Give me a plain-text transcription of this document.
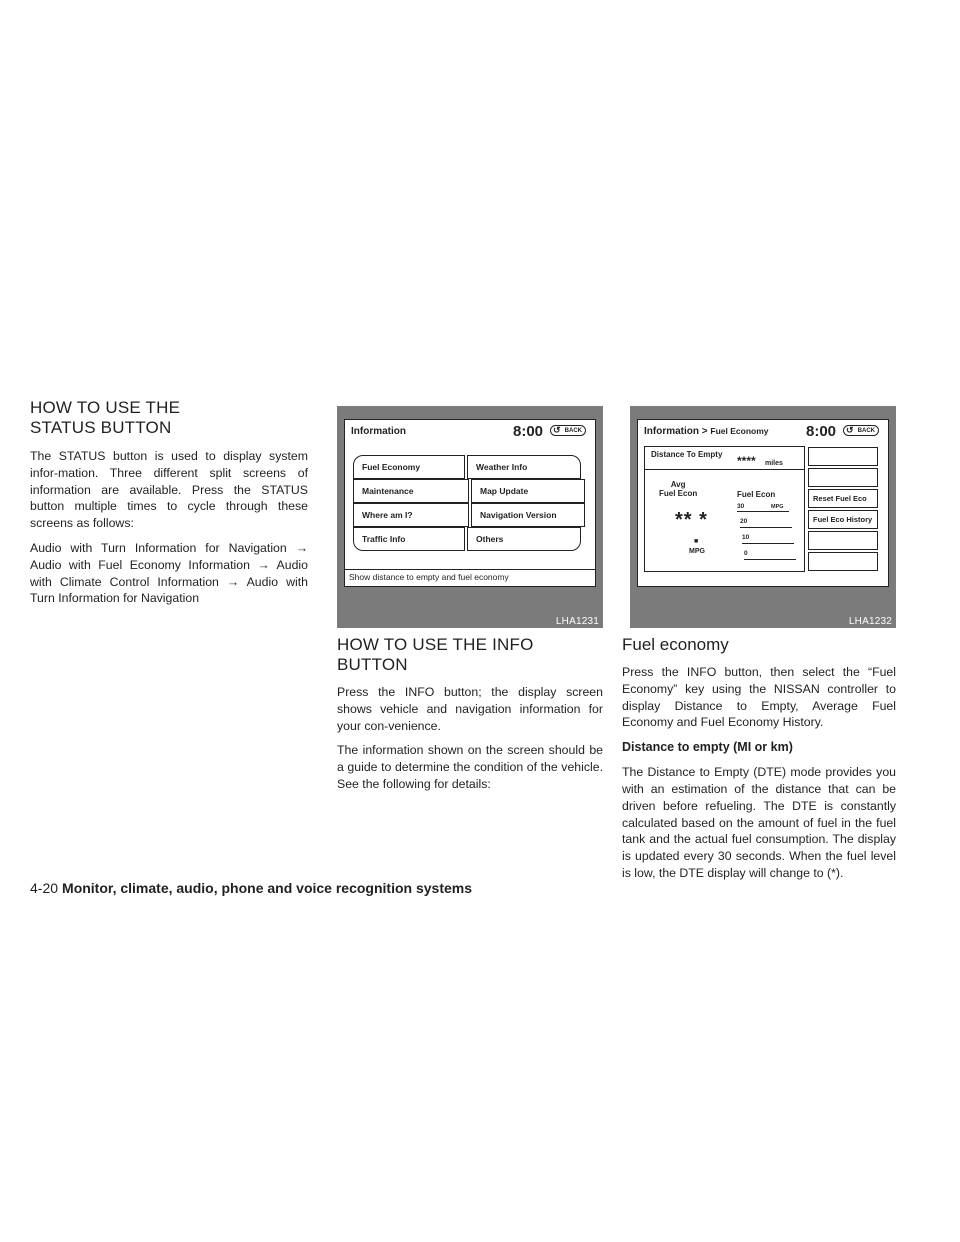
HOW TO USE THE STATUS BUTTON

The STATUS button is used to display system infor-mation. Three different split screens of information are available. Press the STATUS button multiple times to cycle through these screens as follows:

Audio with Turn Information for Navigation → Audio with Fuel Economy Information → Audio with Climate Control Information → Audio with Turn Information for Navigation

Information	8:00 ↺ BACK
Fuel Economy
Maintenance
Where am I?
Traffic Info
Weather Info
Map Update
Navigation Version
Others
Show distance to empty and fuel economy
LHA1231
HOW TO USE THE INFO BUTTON

Press the INFO button; the display screen shows vehicle and navigation information for your con-venience.

The information shown on the screen should be a guide to determine the condition of the vehicle. See the following for details:

Information > Fuel Economy	8:00 ↺ BACK
Distance To Empty **** miles
Avg
Fuel Econ
** *
■
MPG
Fuel Econ
30	MPG
20
10
0
Reset Fuel Eco
Fuel Eco History
LHA1232
Fuel economy

Press the INFO button, then select the “Fuel Economy” key using the NISSAN controller to display Distance to Empty, Average Fuel Economy and Fuel Economy History.

Distance to empty (MI or km)

The Distance to Empty (DTE) mode provides you with an estimation of the distance that can be driven before refueling. The DTE is constantly calculated based on the amount of fuel in the fuel tank and the actual fuel consumption. The display is updated every 30 seconds. When the fuel level is low, the DTE display will change to (*).

4-20 Monitor, climate, audio, phone and voice recognition systems
